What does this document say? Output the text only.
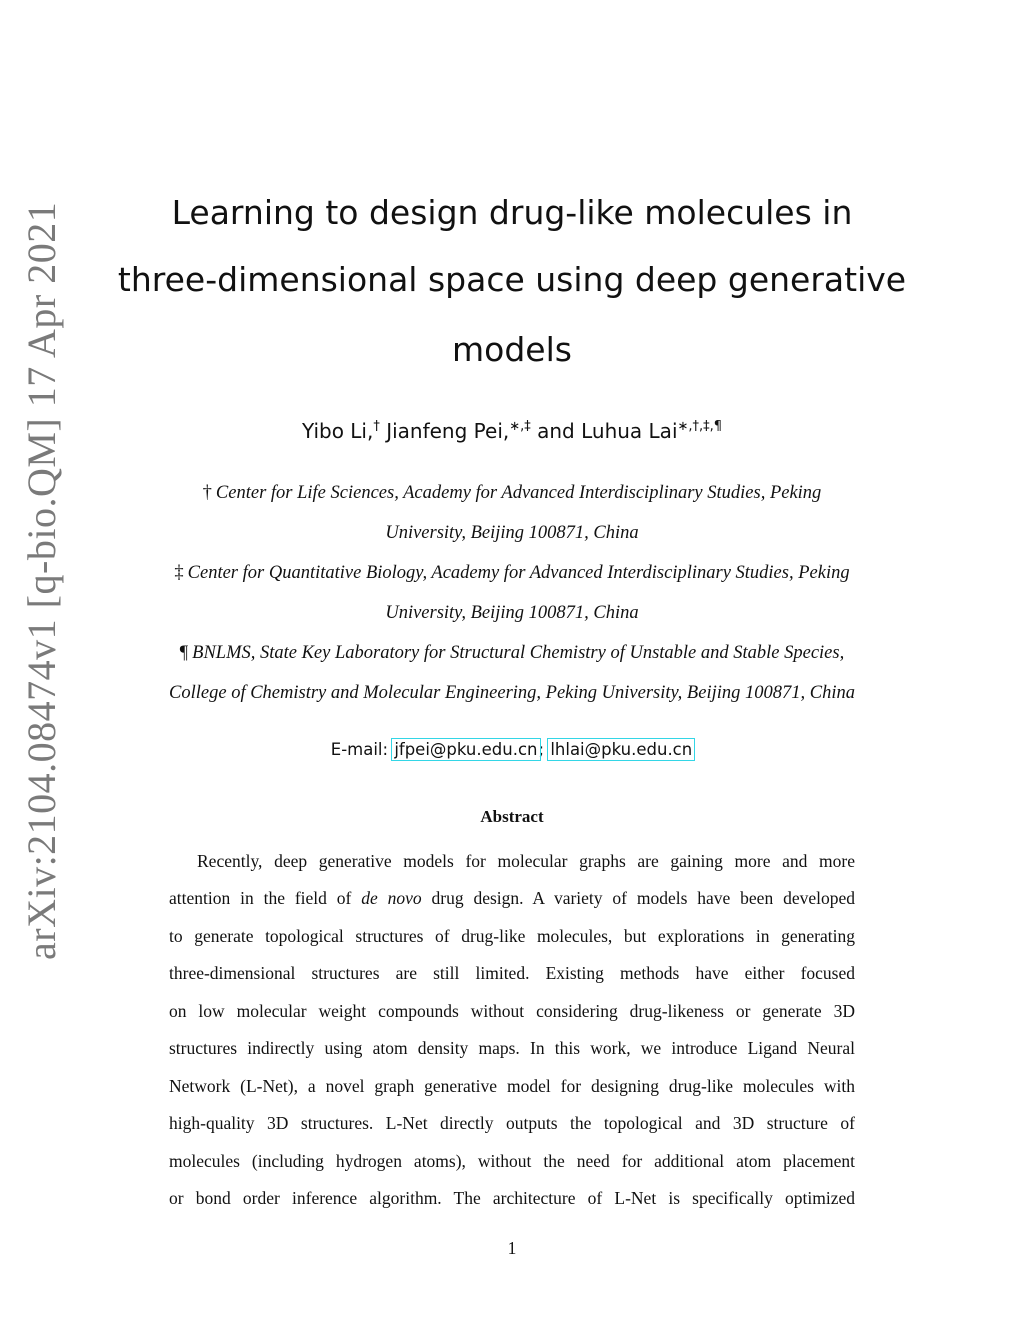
arXiv:2104.08474v1 [q-bio.QM] 17 Apr 2021	Learning to design drug-like molecules in
three-dimensional space using deep generative
models
Yibo Li,† Jianfeng Pei,∗,‡ and Luhua Lai∗,†,‡,¶
† Center for Life Sciences, Academy for Advanced Interdisciplinary Studies, Peking
University, Beijing 100871, China
‡ Center for Quantitative Biology, Academy for Advanced Interdisciplinary Studies, Peking
University, Beijing 100871, China
¶ BNLMS, State Key Laboratory for Structural Chemistry of Unstable and Stable Species,
College of Chemistry and Molecular Engineering, Peking University, Beijing 100871, China
E-mail: jfpei@pku.edu.cn; lhlai@pku.edu.cn
Abstract
Recently, deep generative models for molecular graphs are gaining more and more
attention in the field of de novo drug design. A variety of models have been developed
to generate topological structures of drug-like molecules, but explorations in generating
three-dimensional structures are still limited. Existing methods have either focused
on low molecular weight compounds without considering drug-likeness or generate 3D
structures indirectly using atom density maps. In this work, we introduce Ligand Neural
Network (L-Net), a novel graph generative model for designing drug-like molecules with
high-quality 3D structures. L-Net directly outputs the topological and 3D structure of
molecules (including hydrogen atoms), without the need for additional atom placement
or bond order inference algorithm. The architecture of L-Net is specifically optimized
1
